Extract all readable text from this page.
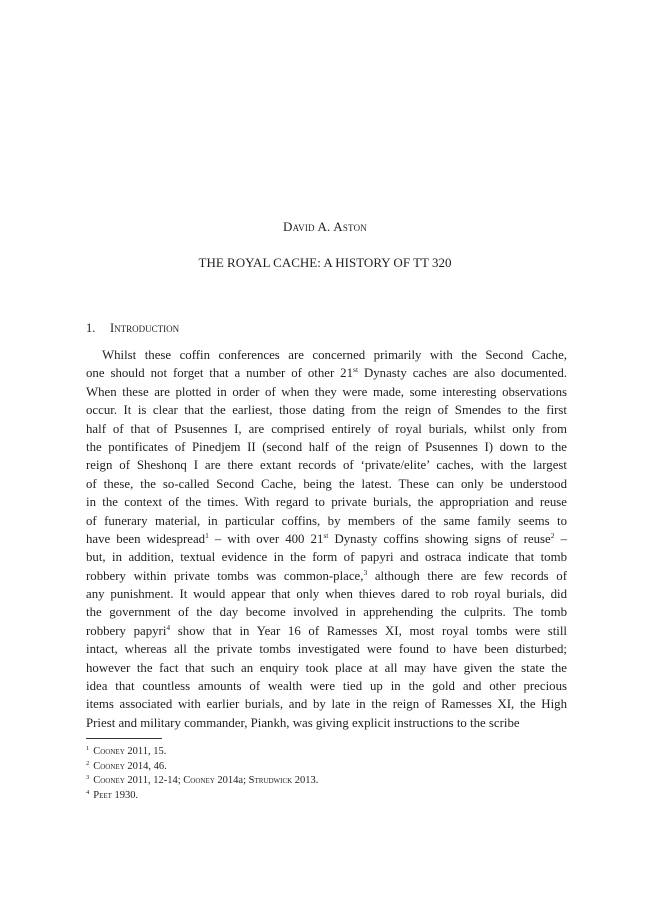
David A. Aston
THE ROYAL CACHE: A HISTORY OF TT 320
1. Introduction
Whilst these coffin conferences are concerned primarily with the Second Cache,
one should not forget that a number of other 21st Dynasty caches are also documented.
When these are plotted in order of when they were made, some interesting observations
occur. It is clear that the earliest, those dating from the reign of Smendes to the first
half of that of Psusennes I, are comprised entirely of royal burials, whilst only from
the pontificates of Pinedjem II (second half of the reign of Psusennes I) down to the
reign of Sheshonq I are there extant records of ‘private/elite’ caches, with the largest
of these, the so-called Second Cache, being the latest. These can only be understood
in the context of the times. With regard to private burials, the appropriation and reuse
of funerary material, in particular coffins, by members of the same family seems to
have been widespread$^1$ – with over 400 21st Dynasty coffins showing signs of reuse$^2$ –
but, in addition, textual evidence in the form of papyri and ostraca indicate that tomb
robbery within private tombs was common-place,$^3$ although there are few records of
any punishment. It would appear that only when thieves dared to rob royal burials, did
the government of the day become involved in apprehending the culprits. The tomb
robbery papyri$^4$ show that in Year 16 of Ramesses XI, most royal tombs were still
intact, whereas all the private tombs investigated were found to have been disturbed;
however the fact that such an enquiry took place at all may have given the state the
idea that countless amounts of wealth were tied up in the gold and other precious
items associated with earlier burials, and by late in the reign of Ramesses XI, the High
Priest and military commander, Piankh, was giving explicit instructions to the scribe
$^1$ Cooney 2011, 15.
$^2$ Cooney 2014, 46.
$^3$ Cooney 2011, 12-14; Cooney 2014a; Strudwick 2013.
$^4$ Peet 1930.
